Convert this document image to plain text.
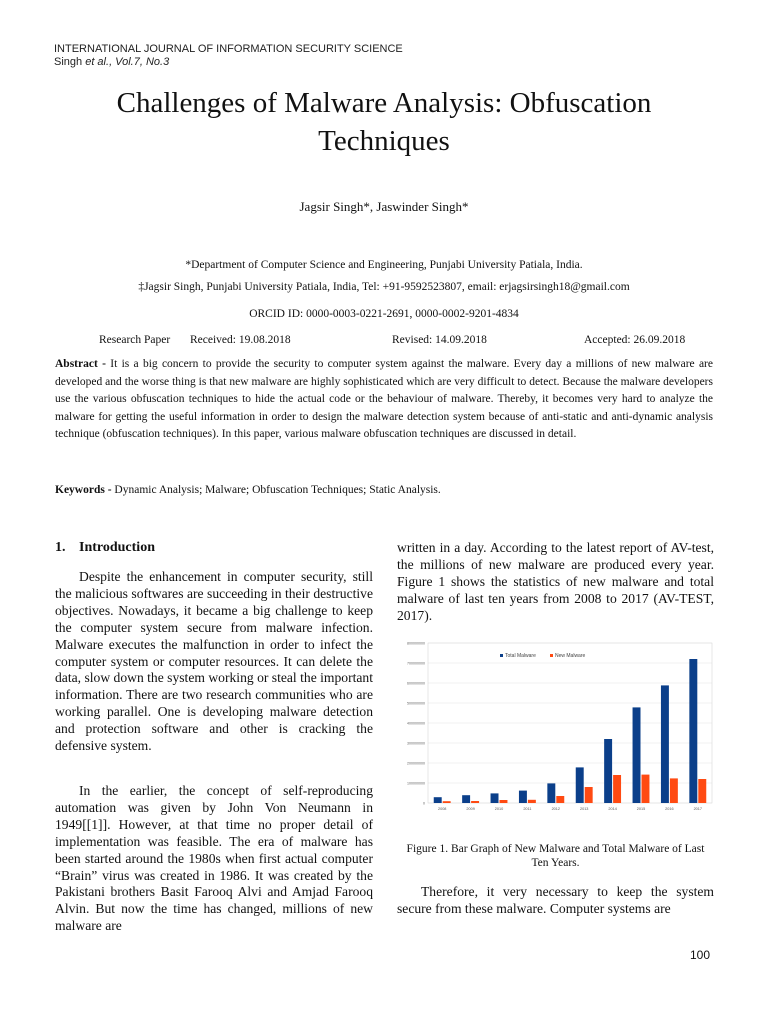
INTERNATIONAL JOURNAL OF INFORMATION SECURITY SCIENCE
Singh et al., Vol.7, No.3
Challenges of Malware Analysis: Obfuscation
Techniques
Jagsir Singh*, Jaswinder Singh*
*Department of Computer Science and Engineering, Punjabi University Patiala, India.
‡Jagsir Singh, Punjabi University Patiala, India, Tel: +91-9592523807, email: erjagsirsingh18@gmail.com
ORCID ID: 0000-0003-0221-2691, 0000-0002-9201-4834
Research Paper Received: 19.08.2018	Revised: 14.09.2018	Accepted: 26.09.2018
Abstract - It is a big concern to provide the security to computer system against the malware. Every day a millions of new malware are developed and the worse thing is that new malware are highly sophisticated which are very difficult to detect. Because the malware developers use the various obfuscation techniques to hide the actual code or the behaviour of malware. Thereby, it becomes very hard to analyze the malware for getting the useful information in order to design the malware detection system because of anti-static and anti-dynamic analysis technique (obfuscation techniques). In this paper, various malware obfuscation techniques are discussed in detail.
Keywords - Dynamic Analysis; Malware; Obfuscation Techniques; Static Analysis.
1. Introduction

Despite the enhancement in computer security, still the malicious softwares are succeeding in their destructive objectives. Nowadays, it became a big challenge to keep the computer system secure from malware infection. Malware executes the malfunction in order to infect the computer system or computer resources. It can delete the data, slow down the system working or steal the important information. There are two research communities who are working parallel. One is developing malware detection and protection software and other is cracking the defensive system.

In the earlier, the concept of self-reproducing automation was given by John Von Neumann in 1949[[1]]. However, at that time no proper detail of implementation was feasible. The era of malware has been started around the 1980s when first actual computer “Brain” virus was created in 1986. It was created by the Pakistani brothers Basit Farooq Alvi and Amjad Farooq Alvin. But now the time has changed, millions of new malware are

written in a day. According to the latest report of AV-test, the millions of new malware are produced every year. Figure 1 shows the statistics of new malware and total malware of last ten years from 2008 to 2017 (AV-TEST, 2017).

0
100000000
200000000
300000000
400000000
500000000
600000000
700000000
800000000
2008	2009	2010	2011	2012	2013	2014	2015	2016	2017
Total Malware	New Malware
Figure 1. Bar Graph of New Malware and Total Malware of Last Ten Years.

Therefore, it very necessary to keep the system secure from these malware. Computer systems are

100
